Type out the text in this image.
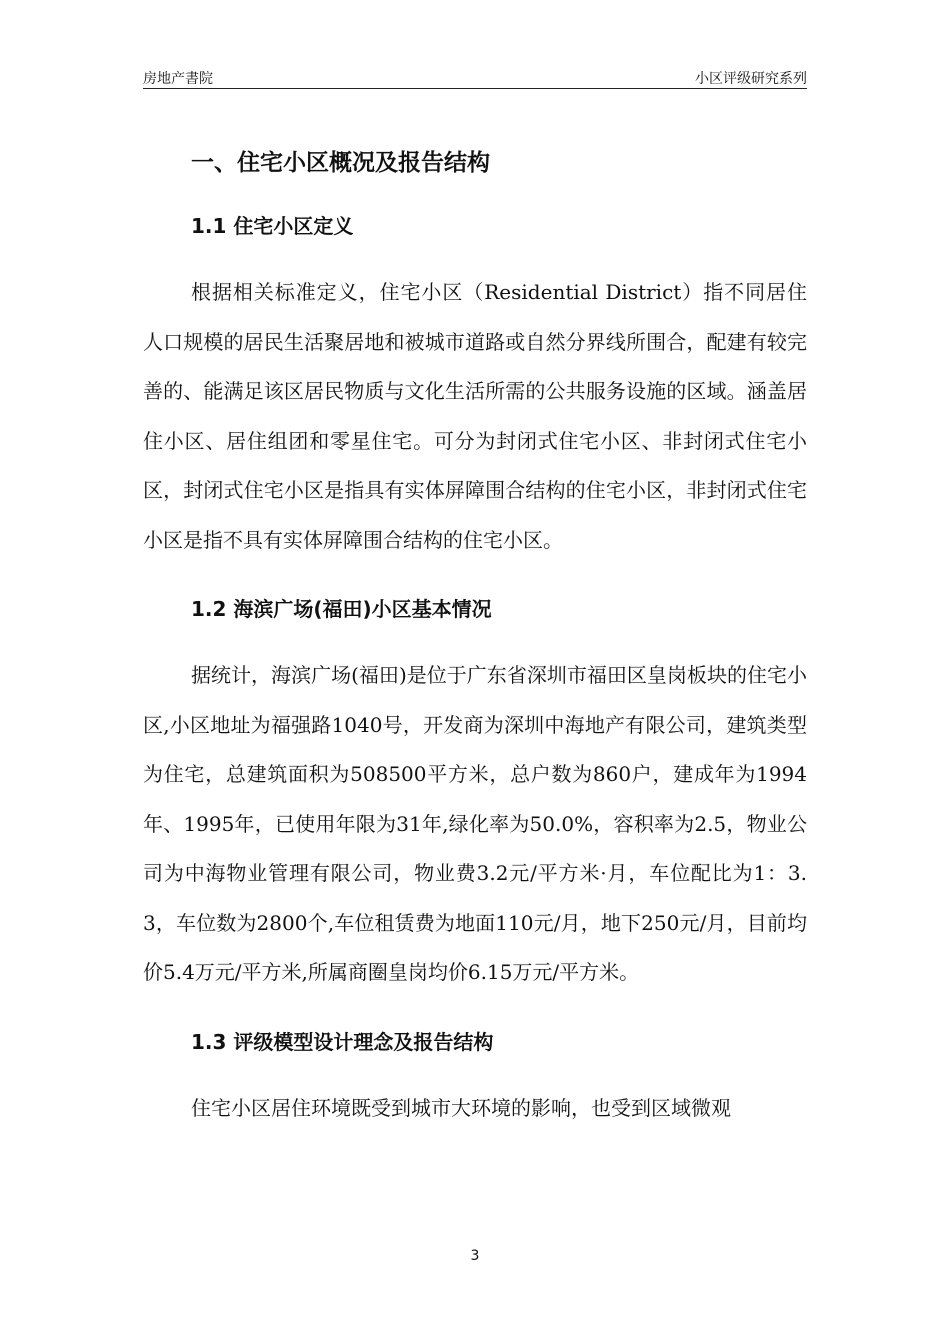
房地产書院	小区评级研究系列
一、住宅小区概况及报告结构
1.1 住宅小区定义

根据相关标准定义，住宅小区（Residential District）指不同居住人口规模的居民生活聚居地和被城市道路或自然分界线所围合，配建有较完善的、能满足该区居民物质与文化生活所需的公共服务设施的区域。涵盖居住小区、居住组团和零星住宅。可分为封闭式住宅小区、非封闭式住宅小区，封闭式住宅小区是指具有实体屏障围合结构的住宅小区，非封闭式住宅小区是指不具有实体屏障围合结构的住宅小区。

1.2 海滨广场(福田)小区基本情况

据统计，海滨广场(福田)是位于广东省深圳市福田区皇岗板块的住宅小区,小区地址为福强路1040号，开发商为深圳中海地产有限公司，建筑类型为住宅，总建筑面积为508500平方米，总户数为860户，建成年为1994年、1995年，已使用年限为31年,绿化率为50.0%，容积率为2.5，物业公司为中海物业管理有限公司，物业费3.2元/平方米·月，车位配比为1：3.3，车位数为2800个,车位租赁费为地面110元/月，地下250元/月，目前均价5.4万元/平方米,所属商圈皇岗均价6.15万元/平方米。

1.3 评级模型设计理念及报告结构

住宅小区居住环境既受到城市大环境的影响，也受到区域微观

3
